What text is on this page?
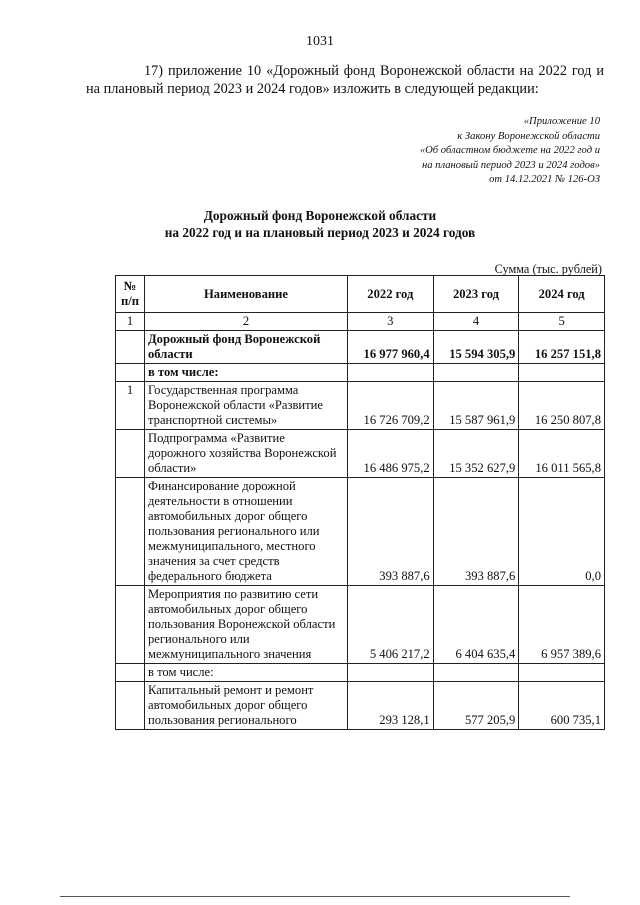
1031
17) приложение 10 «Дорожный фонд Воронежской области на 2022 год и на плановый период 2023 и 2024 годов» изложить в следующей редакции:
«Приложение 10
к Закону Воронежской области
«Об областном бюджете на 2022 год и
на плановый период 2023 и 2024 годов»
от 14.12.2021 № 126-ОЗ
Дорожный фонд Воронежской области
на 2022 год и на плановый период 2023 и 2024 годов
Сумма (тыс. рублей)
№ п/п	Наименование	2022 год	2023 год	2024 год
1	2	3	4	5
	Дорожный фонд Воронежской области	16 977 960,4	15 594 305,9	16 257 151,8
	в том числе:			
1	Государственная программа Воронежской области «Развитие транспортной системы»	16 726 709,2	15 587 961,9	16 250 807,8
	Подпрограмма «Развитие дорожного хозяйства Воронежской области»	16 486 975,2	15 352 627,9	16 011 565,8
	Финансирование дорожной деятельности в отношении автомобильных дорог общего пользования регионального или межмуниципального, местного значения за счет средств федерального бюджета	393 887,6	393 887,6	0,0
	Мероприятия по развитию сети автомобильных дорог общего пользования Воронежской области регионального или межмуниципального значения	5 406 217,2	6 404 635,4	6 957 389,6
	в том числе:			
	Капитальный ремонт и ремонт автомобильных дорог общего пользования регионального	293 128,1	577 205,9	600 735,1
